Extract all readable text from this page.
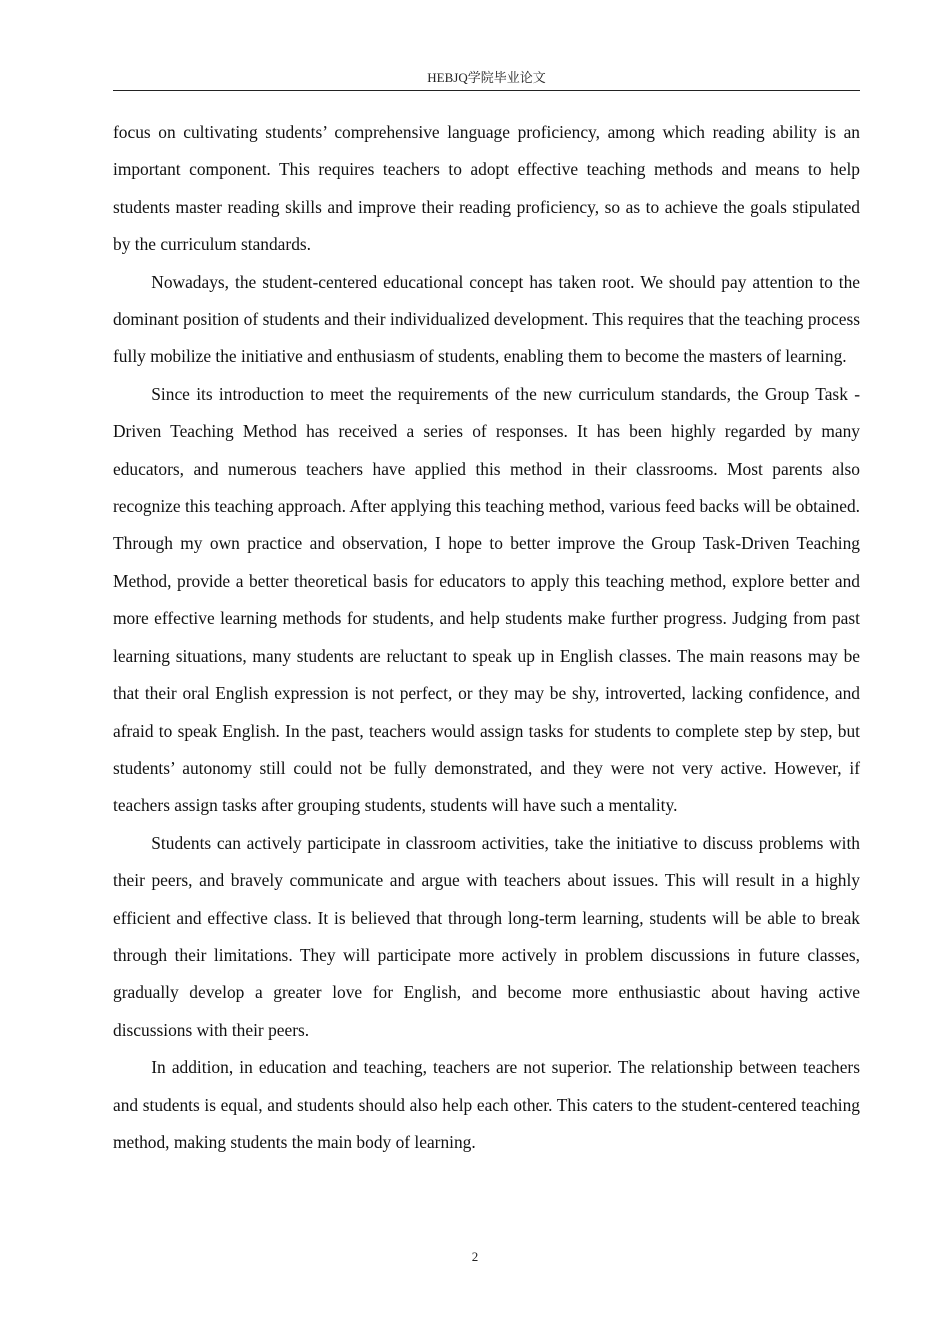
HEBJQ学院毕业论文

focus on cultivating students’ comprehensive language proficiency, among which reading ability is an important component. This requires teachers to adopt effective teaching methods and means to help students master reading skills and improve their reading proficiency, so as to achieve the goals stipulated by the curriculum standards.

Nowadays, the student-centered educational concept has taken root. We should pay attention to the dominant position of students and their individualized development. This requires that the teaching process fully mobilize the initiative and enthusiasm of students, enabling them to become the masters of learning.

Since its introduction to meet the requirements of the new curriculum standards, the Group Task - Driven Teaching Method has received a series of responses. It has been highly regarded by many educators, and numerous teachers have applied this method in their classrooms. Most parents also recognize this teaching approach. After applying this teaching method, various feed backs will be obtained. Through my own practice and observation, I hope to better improve the Group Task-Driven Teaching Method, provide a better theoretical basis for educators to apply this teaching method, explore better and more effective learning methods for students, and help students make further progress. Judging from past learning situations, many students are reluctant to speak up in English classes. The main reasons may be that their oral English expression is not perfect, or they may be shy, introverted, lacking confidence, and afraid to speak English. In the past, teachers would assign tasks for students to complete step by step, but students’ autonomy still could not be fully demonstrated, and they were not very active. However, if teachers assign tasks after grouping students, students will have such a mentality.

Students can actively participate in classroom activities, take the initiative to discuss problems with their peers, and bravely communicate and argue with teachers about issues. This will result in a highly efficient and effective class. It is believed that through long-term learning, students will be able to break through their limitations. They will participate more actively in problem discussions in future classes, gradually develop a greater love for English, and become more enthusiastic about having active discussions with their peers.

In addition, in education and teaching, teachers are not superior. The relationship between teachers and students is equal, and students should also help each other. This caters to the student-centered teaching method, making students the main body of learning.

2
